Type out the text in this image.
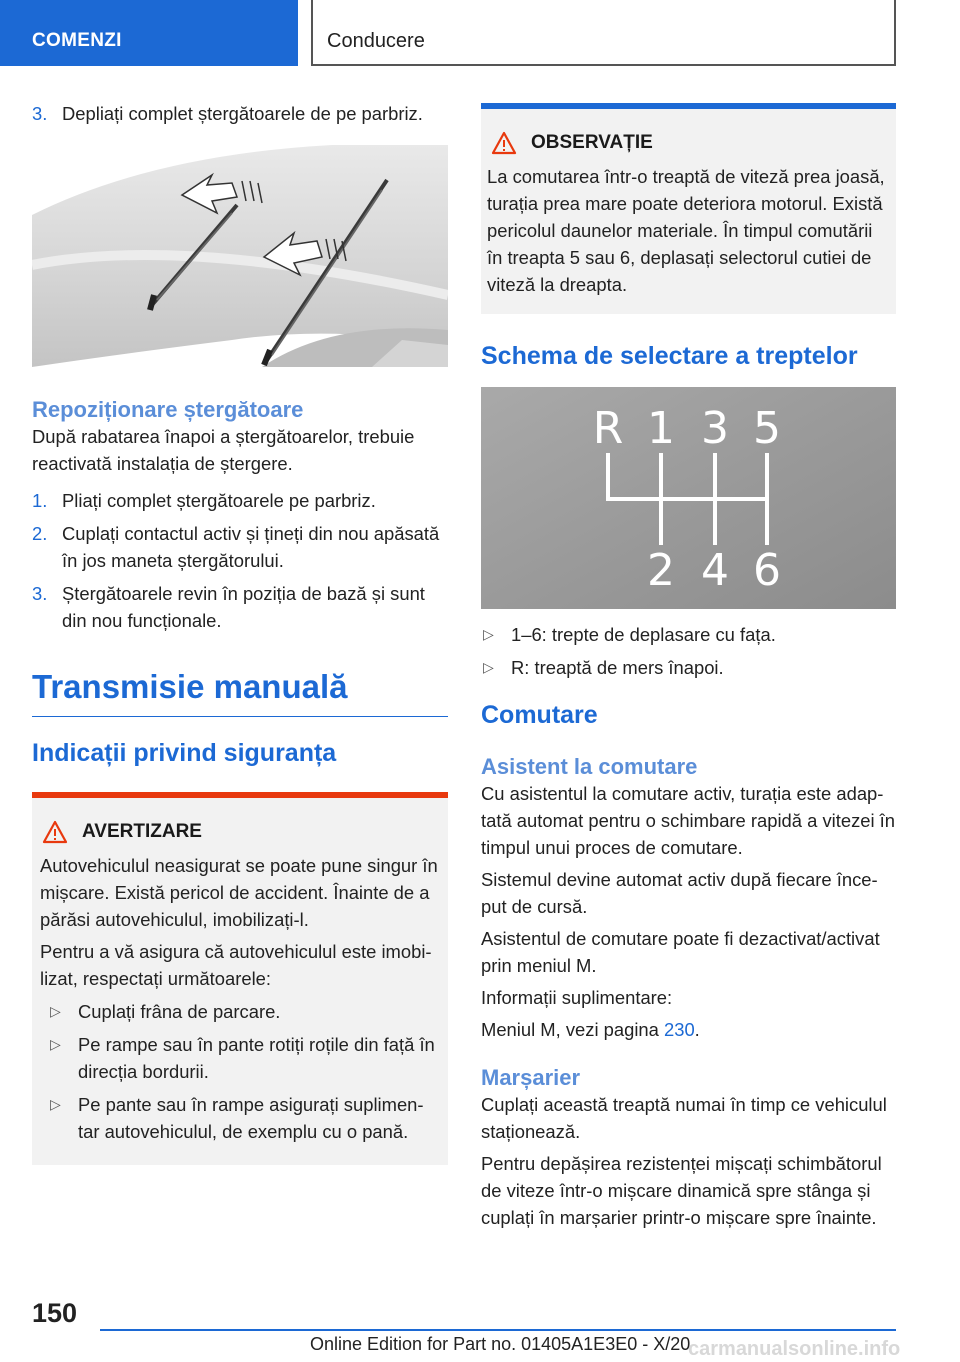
COMENZI	Conducere
3. Depliați complet ștergătoarele de pe parbriz.
Repoziționare ștergătoare
După rabatarea înapoi a ștergătoarelor, trebuie reactivată instalația de ștergere.
1. Pliați complet ștergătoarele pe parbriz.
2. Cuplați contactul activ și țineți din nou apăsată în jos maneta ștergătorului.
3. Ștergătoarele revin în poziția de bază și sunt din nou funcționale.
Transmisie manuală
Indicații privind siguranța
AVERTIZARE
Autovehiculul neasigurat se poate pune singur în mișcare. Există pericol de accident. Înainte de a părăsi autovehiculul, imobilizați-l.
Pentru a vă asigura că autovehiculul este imobilizat, respectați următoarele:
▷ Cuplați frâna de parcare.
▷ Pe rampe sau în pante rotiți roțile din față în direcția bordurii.
▷ Pe pante sau în rampe asigurați suplimentar autovehiculul, de exemplu cu o pană.
OBSERVAȚIE
La comutarea într-o treaptă de viteză prea joasă, turația prea mare poate deteriora motorul. Există pericolul daunelor materiale. În timpul comutării în treapta 5 sau 6, deplasați selectorul cutiei de viteză la dreapta.
Schema de selectare a treptelor
R 1 3 5
2 4 6
▷ 1–6: trepte de deplasare cu fața.
▷ R: treaptă de mers înapoi.
Comutare
Asistent la comutare
Cu asistentul la comutare activ, turația este adaptată automat pentru o schimbare rapidă a vitezei în timpul unui proces de comutare.
Sistemul devine automat activ după fiecare început de cursă.
Asistentul de comutare poate fi dezactivat/activat prin meniul M.
Informații suplimentare:
Meniul M, vezi pagina 230.
Marșarier
Cuplați această treaptă numai în timp ce vehiculul staționează.
Pentru depășirea rezistenței mișcați schimbătorul de viteze într-o mișcare dinamică spre stânga și cuplați în marșarier printr-o mișcare spre înainte.
150
Online Edition for Part no. 01405A1E3E0 - X/20
carmanualsonline.info
